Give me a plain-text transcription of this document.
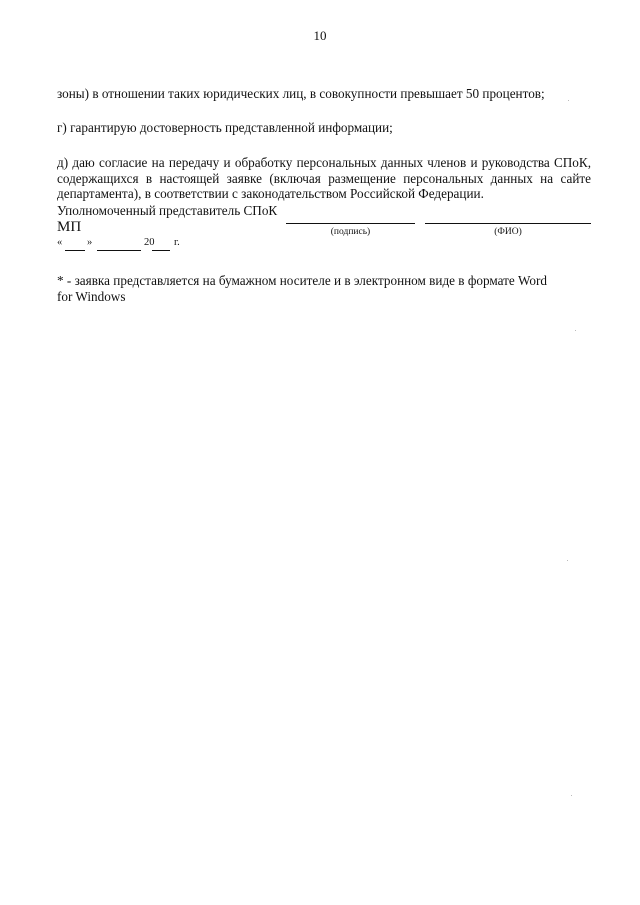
10
зоны) в отношении таких юридических лиц, в совокупности превышает 50 процентов;
г) гарантирую достоверность представленной информации;
д) даю согласие на передачу и обработку персональных данных членов и руководства СПоК, содержащихся в настоящей заявке (включая размещение персональных данных на сайте департамента), в соответствии с законодательством Российской Федерации.
Уполномоченный представитель СПоК
МП	(подпись)	(ФИО)
« »	20 г.
* - заявка представляется на бумажном носителе и в электронном виде в формате Word for Windows
